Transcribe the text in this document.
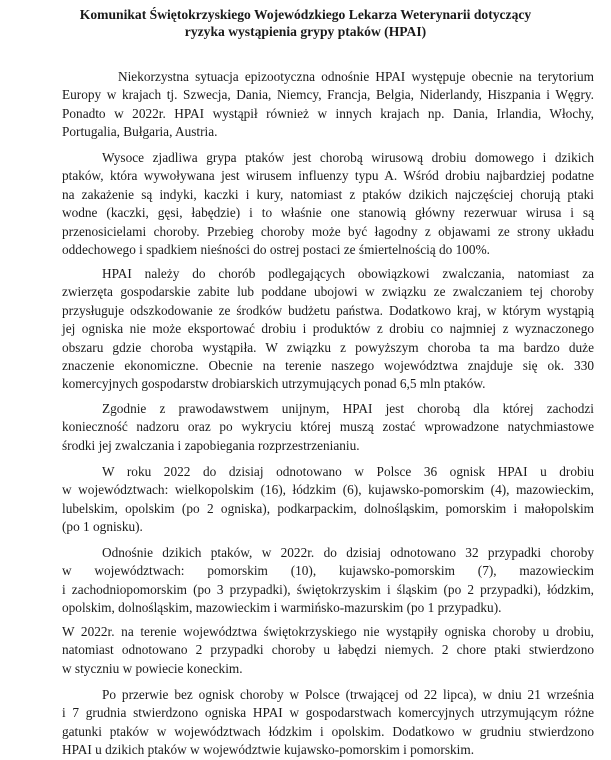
Komunikat Świętokrzyskiego Wojewódzkiego Lekarza Weterynarii dotyczący

ryzyka wystąpienia grypy ptaków (HPAI)

Niekorzystna sytuacja epizootyczna odnośnie HPAI występuje obecnie na terytorium
Europy w krajach tj. Szwecja, Dania, Niemcy, Francja, Belgia, Niderlandy, Hiszpania i Węgry.
Ponadto w 2022r. HPAI wystąpił również w innych krajach np. Dania, Irlandia, Włochy,
Portugalia, Bułgaria, Austria.
Wysoce zjadliwa grypa ptaków jest chorobą wirusową drobiu domowego i dzikich
ptaków, która wywoływana jest wirusem influenzy typu A. Wśród drobiu najbardziej podatne
na zakażenie są indyki, kaczki i kury, natomiast z ptaków dzikich najczęściej chorują ptaki
wodne (kaczki, gęsi, łabędzie) i to właśnie one stanowią główny rezerwuar wirusa i są
przenosicielami choroby. Przebieg choroby może być łagodny z objawami ze strony układu
oddechowego i spadkiem nieśności do ostrej postaci ze śmiertelnością do 100%.
HPAI należy do chorób podlegających obowiązkowi zwalczania, natomiast za
zwierzęta gospodarskie zabite lub poddane ubojowi w związku ze zwalczaniem tej choroby
przysługuje odszkodowanie ze środków budżetu państwa. Dodatkowo kraj, w którym wystąpią
jej ogniska nie może eksportować drobiu i produktów z drobiu co najmniej z wyznaczonego
obszaru gdzie choroba wystąpiła. W związku z powyższym choroba ta ma bardzo duże
znaczenie ekonomiczne. Obecnie na terenie naszego województwa znajduje się ok. 330
komercyjnych gospodarstw drobiarskich utrzymujących ponad 6,5 mln ptaków.
Zgodnie z prawodawstwem unijnym, HPAI jest chorobą dla której zachodzi
konieczność nadzoru oraz po wykryciu której muszą zostać wprowadzone natychmiastowe
środki jej zwalczania i zapobiegania rozprzestrzenianiu.
W roku 2022 do dzisiaj odnotowano w Polsce 36 ognisk HPAI u drobiu
w województwach: wielkopolskim (16), łódzkim (6), kujawsko-pomorskim (4), mazowieckim,
lubelskim, opolskim (po 2 ogniska), podkarpackim, dolnośląskim, pomorskim i małopolskim
(po 1 ognisku).
Odnośnie dzikich ptaków, w 2022r. do dzisiaj odnotowano 32 przypadki choroby
w województwach: pomorskim (10), kujawsko-pomorskim (7), mazowieckim
i zachodniopomorskim (po 3 przypadki), świętokrzyskim i śląskim (po 2 przypadki), łódzkim,
opolskim, dolnośląskim, mazowieckim i warmińsko-mazurskim (po 1 przypadku).
W 2022r. na terenie województwa świętokrzyskiego nie wystąpiły ogniska choroby u drobiu,
natomiast odnotowano 2 przypadki choroby u łabędzi niemych. 2 chore ptaki stwierdzono
w styczniu w powiecie koneckim.
Po przerwie bez ognisk choroby w Polsce (trwającej od 22 lipca), w dniu 21 września
i 7 grudnia stwierdzono ogniska HPAI w gospodarstwach komercyjnych utrzymującym różne
gatunki ptaków w województwach łódzkim i opolskim. Dodatkowo w grudniu stwierdzono
HPAI u dzikich ptaków w województwie kujawsko-pomorskim i pomorskim.
